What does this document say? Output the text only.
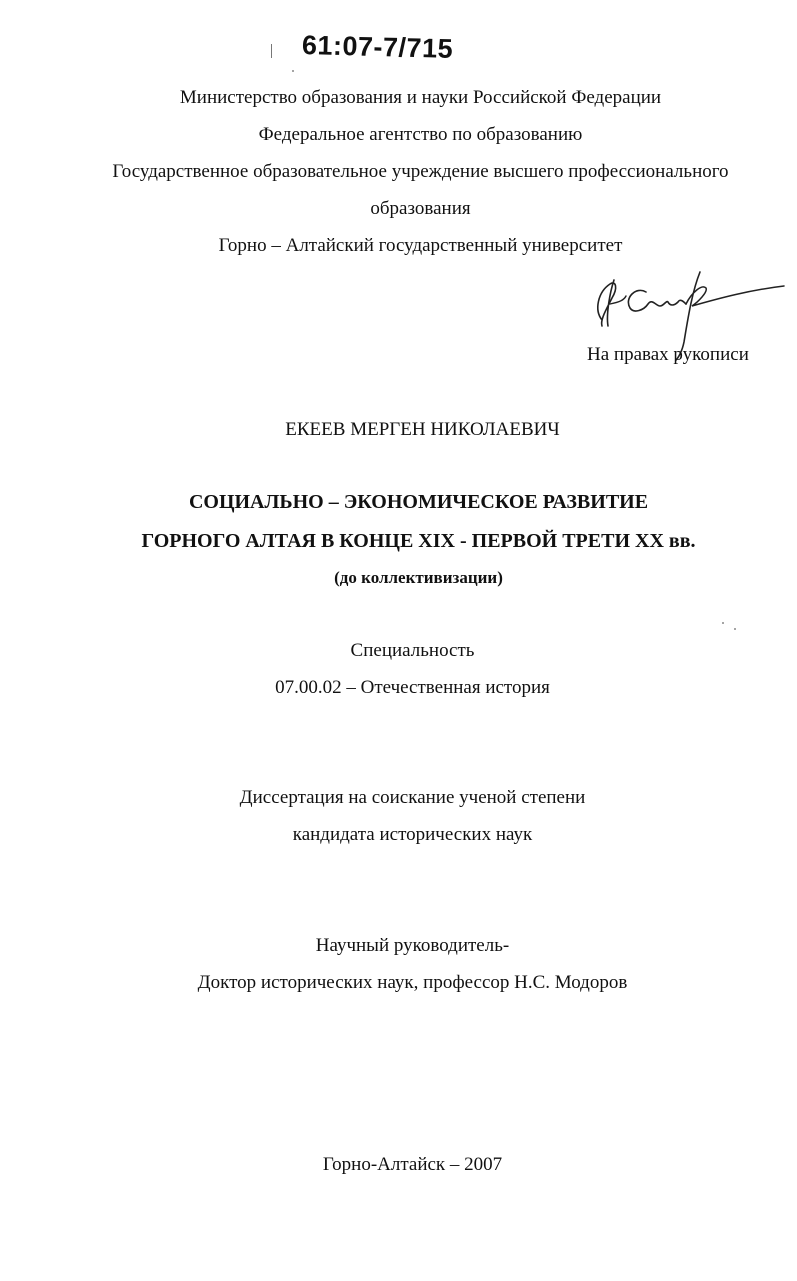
61:07-7/715
Министерство образования и науки Российской Федерации
Федеральное агентство по образованию
Государственное образовательное учреждение высшего профессионального
образования
Горно – Алтайский государственный университет
На правах рукописи
ЕКЕЕВ МЕРГЕН НИКОЛАЕВИЧ
СОЦИАЛЬНО – ЭКОНОМИЧЕСКОЕ РАЗВИТИЕ
ГОРНОГО АЛТАЯ В КОНЦЕ XIX - ПЕРВОЙ ТРЕТИ XX вв.
(до коллективизации)
Специальность
07.00.02 – Отечественная история
Диссертация на соискание ученой степени
кандидата исторических наук
Научный руководитель-
Доктор исторических наук, профессор Н.С. Модоров
Горно-Алтайск – 2007
